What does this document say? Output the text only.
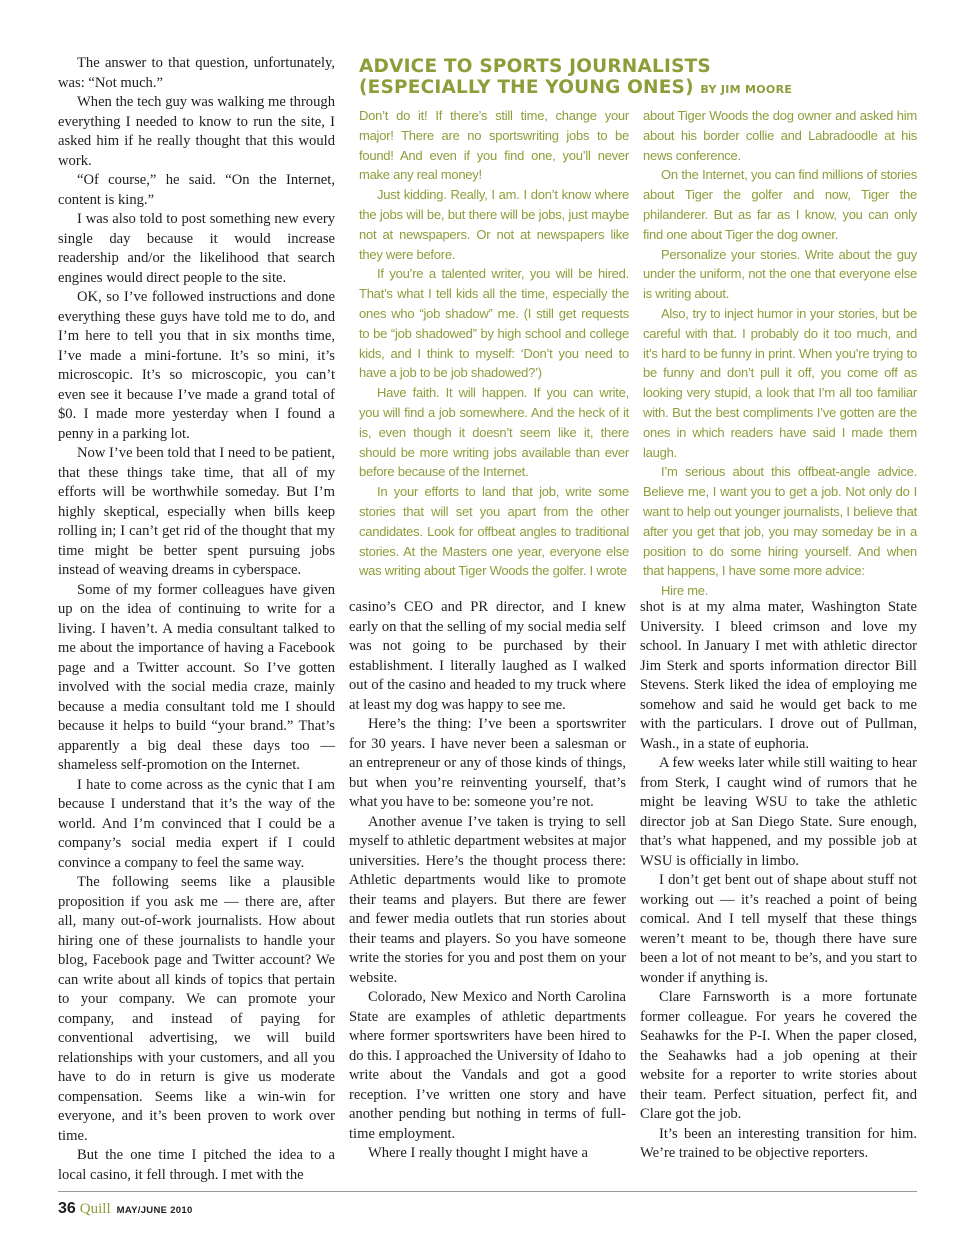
The answer to that question, unfortunately, was: “Not much.”

When the tech guy was walking me through everything I needed to know to run the site, I asked him if he really thought that this would work.

“Of course,” he said. “On the Internet, content is king.”

I was also told to post something new every single day because it would increase readership and/or the likelihood that search engines would direct people to the site.

OK, so I’ve followed instructions and done everything these guys have told me to do, and I’m here to tell you that in six months time, I’ve made a mini-fortune. It’s so mini, it’s microscopic. It’s so microscopic, you can’t even see it because I’ve made a grand total of $0. I made more yesterday when I found a penny in a parking lot.

Now I’ve been told that I need to be patient, that these things take time, that all of my efforts will be worthwhile someday. But I’m highly skeptical, especially when bills keep rolling in; I can’t get rid of the thought that my time might be better spent pursuing jobs instead of weaving dreams in cyberspace.

Some of my former colleagues have given up on the idea of continuing to write for a living. I haven’t. A media consultant talked to me about the importance of having a Facebook page and a Twitter account. So I’ve gotten involved with the social media craze, mainly because a media consultant told me I should because it helps to build “your brand.” That’s apparently a big deal these days too — shameless self-promotion on the Internet.

I hate to come across as the cynic that I am because I understand that it’s the way of the world. And I’m convinced that I could be a company’s social media expert if I could convince a company to feel the same way.

The following seems like a plausible proposition if you ask me — there are, after all, many out-of-work journalists. How about hiring one of these journalists to handle your blog, Facebook page and Twitter account? We can write about all kinds of topics that pertain to your company. We can promote your company, and instead of paying for conventional advertising, we will build relationships with your customers, and all you have to do in return is give us moderate compensation. Seems like a win-win for everyone, and it’s been proven to work over time.

But the one time I pitched the idea to a local casino, it fell through. I met with the

ADVICE TO SPORTS JOURNALISTS
(ESPECIALLY THE YOUNG ONES) BY JIM MOORE

Don’t do it! If there’s still time, change your major! There are no sportswriting jobs to be found! And even if you find one, you’ll never make any real money!

Just kidding. Really, I am. I don’t know where the jobs will be, but there will be jobs, just maybe not at newspapers. Or not at newspapers like they were before.

If you’re a talented writer, you will be hired. That’s what I tell kids all the time, especially the ones who “job shadow” me. (I still get requests to be “job shadowed” by high school and college kids, and I think to myself: ‘Don’t you need to have a job to be job shadowed?’)

Have faith. It will happen. If you can write, you will find a job somewhere. And the heck of it is, even though it doesn’t seem like it, there should be more writing jobs available than ever before because of the Internet.

In your efforts to land that job, write some stories that will set you apart from the other candidates. Look for offbeat angles to traditional stories. At the Masters one year, everyone else was writing about Tiger Woods the golfer. I wrote

about Tiger Woods the dog owner and asked him about his border collie and Labradoodle at his news conference.

On the Internet, you can find millions of stories about Tiger the golfer and now, Tiger the philanderer. But as far as I know, you can only find one about Tiger the dog owner.

Personalize your stories. Write about the guy under the uniform, not the one that everyone else is writing about.

Also, try to inject humor in your stories, but be careful with that. I probably do it too much, and it’s hard to be funny in print. When you’re trying to be funny and don’t pull it off, you come off as looking very stupid, a look that I’m all too familiar with. But the best compliments I’ve gotten are the ones in which readers have said I made them laugh.

I’m serious about this offbeat-angle advice. Believe me, I want you to get a job. Not only do I want to help out younger journalists, I believe that after you get that job, you may someday be in a position to do some hiring yourself. And when that happens, I have some more advice:

Hire me.

casino’s CEO and PR director, and I knew early on that the selling of my social media self was not going to be purchased by their establishment. I literally laughed as I walked out of the casino and headed to my truck where at least my dog was happy to see me.

Here’s the thing: I’ve been a sportswriter for 30 years. I have never been a salesman or an entrepreneur or any of those kinds of things, but when you’re reinventing yourself, that’s what you have to be: someone you’re not.

Another avenue I’ve taken is trying to sell myself to athletic department websites at major universities. Here’s the thought process there: Athletic departments would like to promote their teams and players. But there are fewer and fewer media outlets that run stories about their teams and players. So you have someone write the stories for you and post them on your website.

Colorado, New Mexico and North Carolina State are examples of athletic departments where former sportswriters have been hired to do this. I approached the University of Idaho to write about the Vandals and got a good reception. I’ve written one story and have another pending but nothing in terms of full-time employment.

Where I really thought I might have a

shot is at my alma mater, Washington State University. I bleed crimson and love my school. In January I met with athletic director Jim Sterk and sports information director Bill Stevens. Sterk liked the idea of employing me somehow and said he would get back to me with the particulars. I drove out of Pullman, Wash., in a state of euphoria.

A few weeks later while still waiting to hear from Sterk, I caught wind of rumors that he might be leaving WSU to take the athletic director job at San Diego State. Sure enough, that’s what happened, and my possible job at WSU is officially in limbo.

I don’t get bent out of shape about stuff not working out — it’s reached a point of being comical. And I tell myself that these things weren’t meant to be, though there have sure been a lot of not meant to be’s, and you start to wonder if anything is.

Clare Farnsworth is a more fortunate former colleague. For years he covered the Seahawks for the P-I. When the paper closed, the Seahawks had a job opening at their website for a reporter to write stories about their team. Perfect situation, perfect fit, and Clare got the job.

It’s been an interesting transition for him. We’re trained to be objective reporters.

36 Quill MAY/JUNE 2010
